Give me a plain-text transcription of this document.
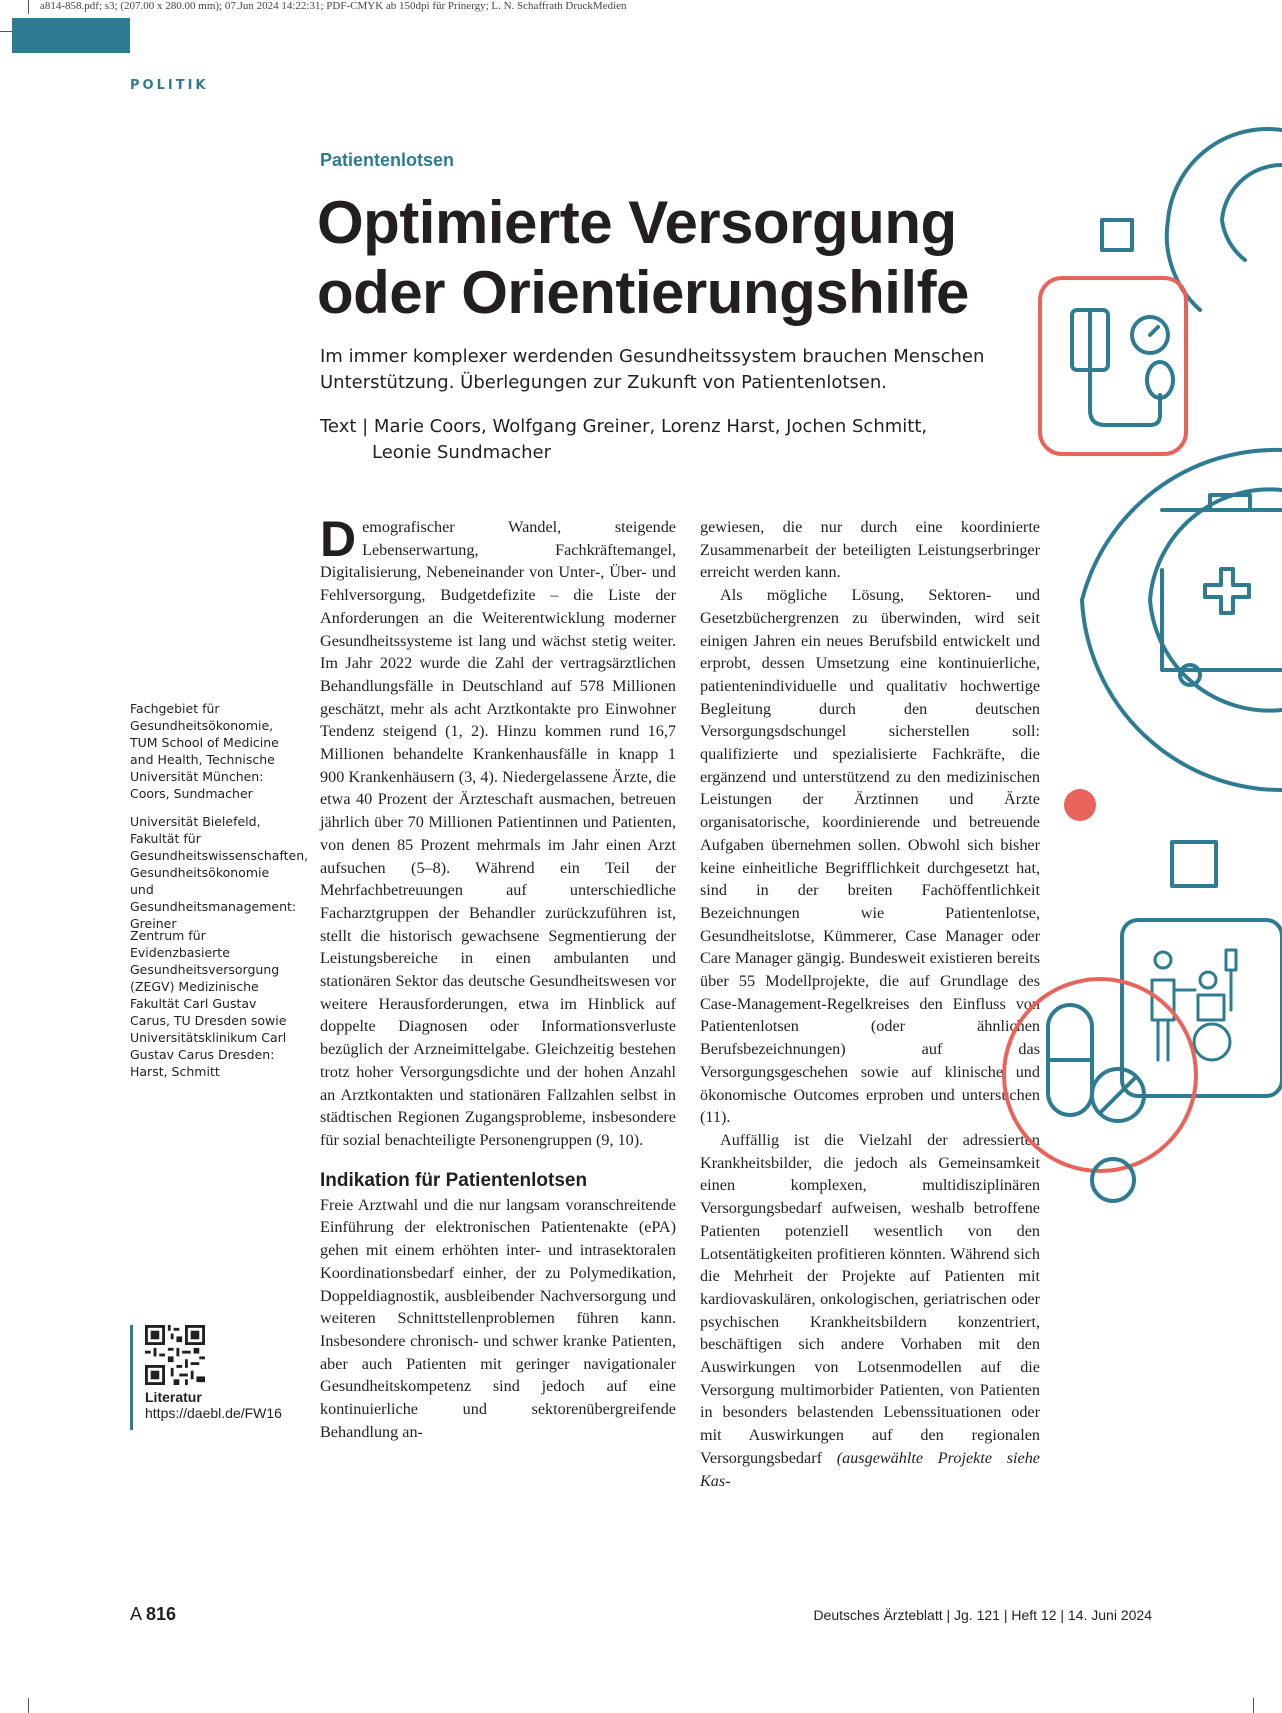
a814-858.pdf; s3; (207.00 x 280.00 mm); 07.Jun 2024 14:22:31; PDF-CMYK ab 150dpi für Prinergy; L. N. Schaffrath DruckMedien
POLITIK
Patientenlotsen
Optimierte Versorgung
oder Orientierungshilfe
Im immer komplexer werdenden Gesundheitssystem brauchen Menschen Unterstützung. Überlegungen zur Zukunft von Patientenlotsen.
Text | Marie Coors, Wolfgang Greiner, Lorenz Harst, Jochen Schmitt,
Leonie Sundmacher
Fachgebiet für Gesundheitsökonomie, TUM School of Medicine and Health, Technische Universität München: Coors, Sundmacher
Universität Bielefeld, Fakultät für Gesundheitswissenschaften, Gesundheitsökonomie und Gesundheitsmanagement: Greiner
Zentrum für Evidenzbasierte Gesundheitsversorgung (ZEGV) Medizinische Fakultät Carl Gustav Carus, TU Dresden sowie Universitätsklinikum Carl Gustav Carus Dresden: Harst, Schmitt
Literatur
https://daebl.de/FW16

Demografischer Wandel, steigende Lebenserwartung, Fachkräftemangel, Digitalisierung, Nebeneinander von Unter-, Über- und Fehlversorgung, Budgetdefizite – die Liste der Anforderungen an die Weiterentwicklung moderner Gesundheitssysteme ist lang und wächst stetig weiter. Im Jahr 2022 wurde die Zahl der vertragsärztlichen Behandlungsfälle in Deutschland auf 578 Millionen geschätzt, mehr als acht Arztkontakte pro Einwohner Tendenz steigend (1, 2). Hinzu kommen rund 16,7 Millionen behandelte Krankenhausfälle in knapp 1 900 Krankenhäusern (3, 4). Niedergelassene Ärzte, die etwa 40 Prozent der Ärzteschaft ausmachen, betreuen jährlich über 70 Millionen Patientinnen und Patienten, von denen 85 Prozent mehrmals im Jahr einen Arzt aufsuchen (5–8). Während ein Teil der Mehrfachbetreuungen auf unterschiedliche Facharztgruppen der Behandler zurückzuführen ist, stellt die historisch gewachsene Segmentierung der Leistungsbereiche in einen ambulanten und stationären Sektor das deutsche Gesundheitswesen vor weitere Herausforderungen, etwa im Hinblick auf doppelte Diagnosen oder Informationsverluste bezüglich der Arzneimittelgabe. Gleichzeitig bestehen trotz hoher Versorgungsdichte und der hohen Anzahl an Arztkontakten und stationären Fallzahlen selbst in städtischen Regionen Zugangsprobleme, insbesondere für sozial benachteiligte Personengruppen (9, 10).

Indikation für Patientenlotsen

Freie Arztwahl und die nur langsam voranschreitende Einführung der elektronischen Patientenakte (ePA) gehen mit einem erhöhten inter- und intrasektoralen Koordinationsbedarf einher, der zu Polymedikation, Doppeldiagnostik, ausbleibender Nachversorgung und weiteren Schnittstellenproblemen führen kann. Insbesondere chronisch- und schwer kranke Patienten, aber auch Patienten mit geringer navigationaler Gesundheitskompetenz sind jedoch auf eine kontinuierliche und sektorenübergreifende Behandlung an-

gewiesen, die nur durch eine koordinierte Zusammenarbeit der beteiligten Leistungserbringer erreicht werden kann.

Als mögliche Lösung, Sektoren- und Gesetzbüchergrenzen zu überwinden, wird seit einigen Jahren ein neues Berufsbild entwickelt und erprobt, dessen Umsetzung eine kontinuierliche, patientenindividuelle und qualitativ hochwertige Begleitung durch den deutschen Versorgungsdschungel sicherstellen soll: qualifizierte und spezialisierte Fachkräfte, die ergänzend und unterstützend zu den medizinischen Leistungen der Ärztinnen und Ärzte organisatorische, koordinierende und betreuende Aufgaben übernehmen sollen. Obwohl sich bisher keine einheitliche Begrifflichkeit durchgesetzt hat, sind in der breiten Fachöffentlichkeit Bezeichnungen wie Patientenlotse, Gesundheitslotse, Kümmerer, Case Manager oder Care Manager gängig. Bundesweit existieren bereits über 55 Modellprojekte, die auf Grundlage des Case-Management-Regelkreises den Einfluss von Patientenlotsen (oder ähnlichen Berufsbezeichnungen) auf das Versorgungsgeschehen sowie auf klinische und ökonomische Outcomes erproben und untersuchen (11).

Auffällig ist die Vielzahl der adressierten Krankheitsbilder, die jedoch als Gemeinsamkeit einen komplexen, multidisziplinären Versorgungsbedarf aufweisen, weshalb betroffene Patienten potenziell wesentlich von den Lotsentätigkeiten profitieren könnten. Während sich die Mehrheit der Projekte auf Patienten mit kardiovaskulären, onkologischen, geriatrischen oder psychischen Krankheitsbildern konzentriert, beschäftigen sich andere Vorhaben mit den Auswirkungen von Lotsenmodellen auf die Versorgung multimorbider Patienten, von Patienten in besonders belastenden Lebenssituationen oder mit Auswirkungen auf den regionalen Versorgungsbedarf (ausgewählte Projekte siehe Kas-

A 816	Deutsches Ärzteblatt | Jg. 121 | Heft 12 | 14. Juni 2024
